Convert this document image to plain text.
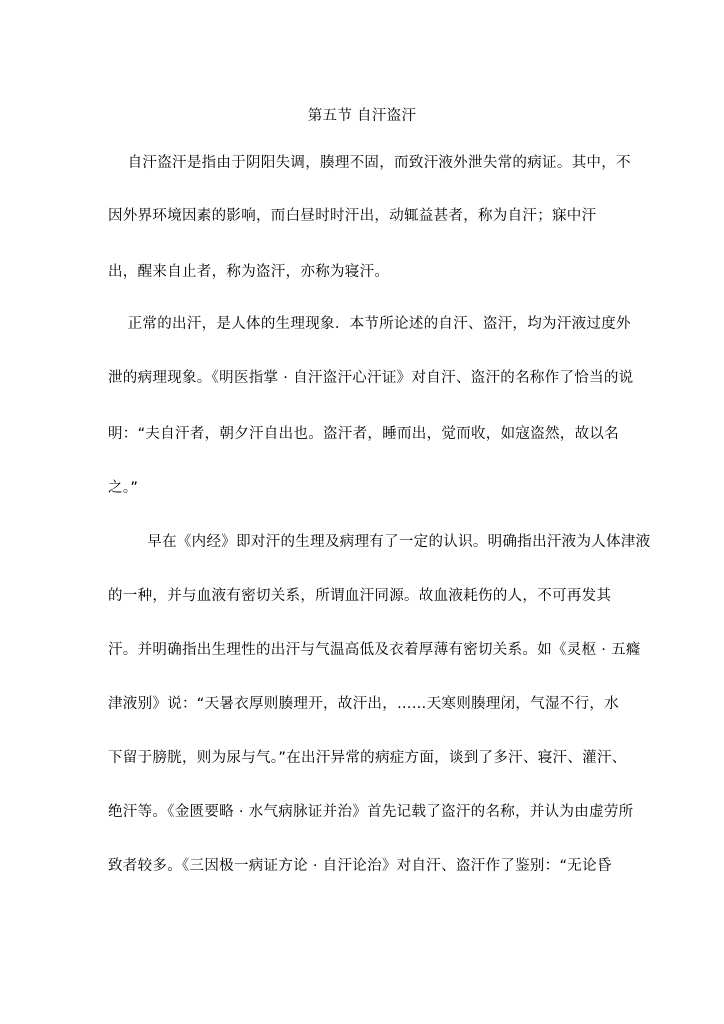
第五节 自汗盗汗
自汗盗汗是指由于阴阳失调，腠理不固，而致汗液外泄失常的病证。其中，不
因外界环境因素的影响，而白昼时时汗出，动辄益甚者，称为自汗；寐中汗
出，醒来自止者，称为盗汗，亦称为寝汗。
正常的出汗，是人体的生理现象．本节所论述的自汗、盗汗，均为汗液过度外
泄的病理现象。《明医指掌 · 自汗盗汗心汗证》对自汗、盗汗的名称作了恰当的说
明：“夫自汗者，朝夕汗自出也。盗汗者，睡而出，觉而收，如寇盗然，故以名
之。”
早在《内经》即对汗的生理及病理有了一定的认识。明确指出汗液为人体津液
的一种，并与血液有密切关系，所谓血汗同源。故血液耗伤的人，不可再发其
汗。并明确指出生理性的出汗与气温高低及衣着厚薄有密切关系。如《灵枢 · 五癃
津液别》说：“天暑衣厚则腠理开，故汗出，……天寒则腠理闭，气湿不行，水
下留于膀胱，则为尿与气。”在出汗异常的病症方面，谈到了多汗、寝汗、灌汗、
绝汗等。《金匮要略 · 水气病脉证并治》首先记载了盗汗的名称，并认为由虚劳所
致者较多。《三因极一病证方论 · 自汗论治》对自汗、盗汗作了鉴别：“无论昏
